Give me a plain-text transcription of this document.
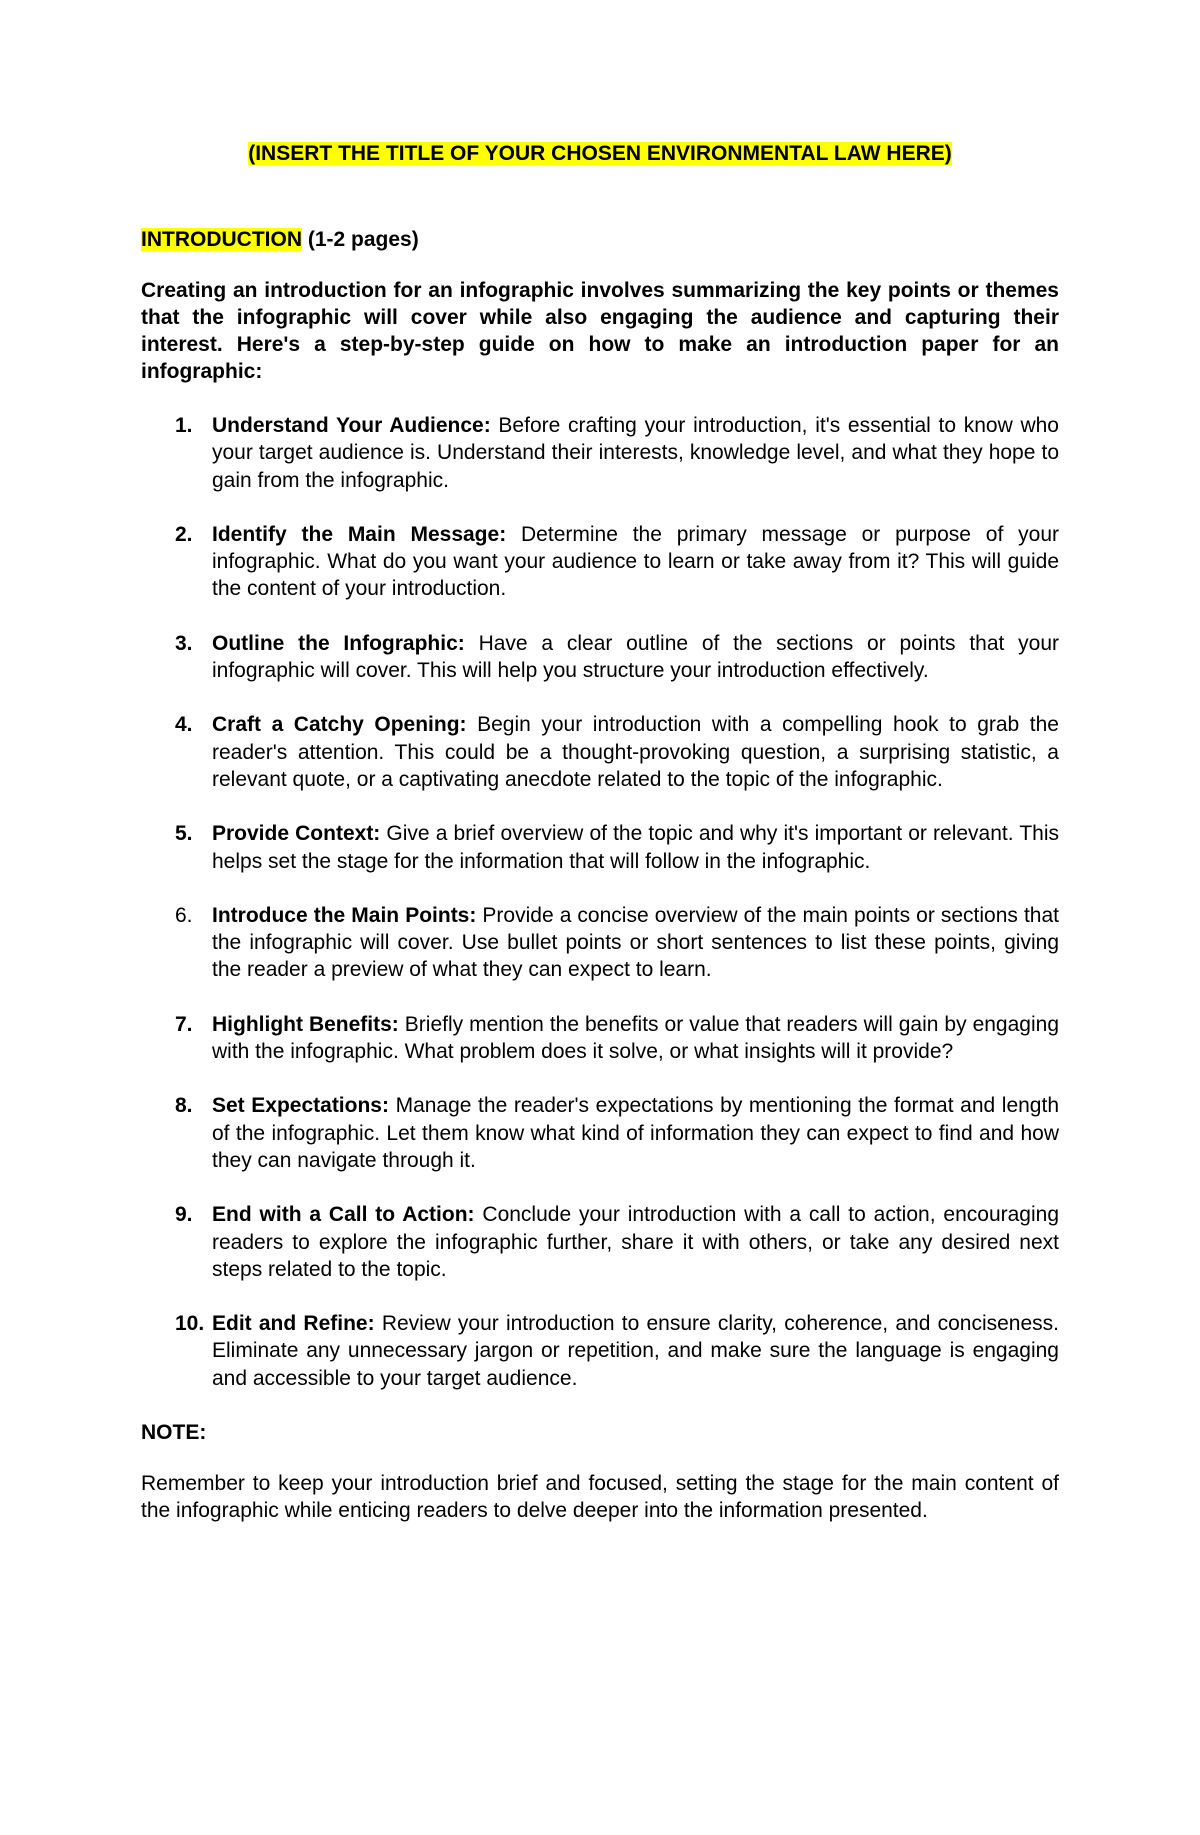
(INSERT THE TITLE OF YOUR CHOSEN ENVIRONMENTAL LAW HERE)
INTRODUCTION (1-2 pages)
Creating an introduction for an infographic involves summarizing the key points or themes that the infographic will cover while also engaging the audience and capturing their interest. Here's a step-by-step guide on how to make an introduction paper for an infographic:
1. Understand Your Audience: Before crafting your introduction, it's essential to know who your target audience is. Understand their interests, knowledge level, and what they hope to gain from the infographic.
2. Identify the Main Message: Determine the primary message or purpose of your infographic. What do you want your audience to learn or take away from it? This will guide the content of your introduction.
3. Outline the Infographic: Have a clear outline of the sections or points that your infographic will cover. This will help you structure your introduction effectively.
4. Craft a Catchy Opening: Begin your introduction with a compelling hook to grab the reader's attention. This could be a thought-provoking question, a surprising statistic, a relevant quote, or a captivating anecdote related to the topic of the infographic.
5. Provide Context: Give a brief overview of the topic and why it's important or relevant. This helps set the stage for the information that will follow in the infographic.
6. Introduce the Main Points: Provide a concise overview of the main points or sections that the infographic will cover. Use bullet points or short sentences to list these points, giving the reader a preview of what they can expect to learn.
7. Highlight Benefits: Briefly mention the benefits or value that readers will gain by engaging with the infographic. What problem does it solve, or what insights will it provide?
8. Set Expectations: Manage the reader's expectations by mentioning the format and length of the infographic. Let them know what kind of information they can expect to find and how they can navigate through it.
9. End with a Call to Action: Conclude your introduction with a call to action, encouraging readers to explore the infographic further, share it with others, or take any desired next steps related to the topic.
10. Edit and Refine: Review your introduction to ensure clarity, coherence, and conciseness. Eliminate any unnecessary jargon or repetition, and make sure the language is engaging and accessible to your target audience.
NOTE:
Remember to keep your introduction brief and focused, setting the stage for the main content of the infographic while enticing readers to delve deeper into the information presented.
